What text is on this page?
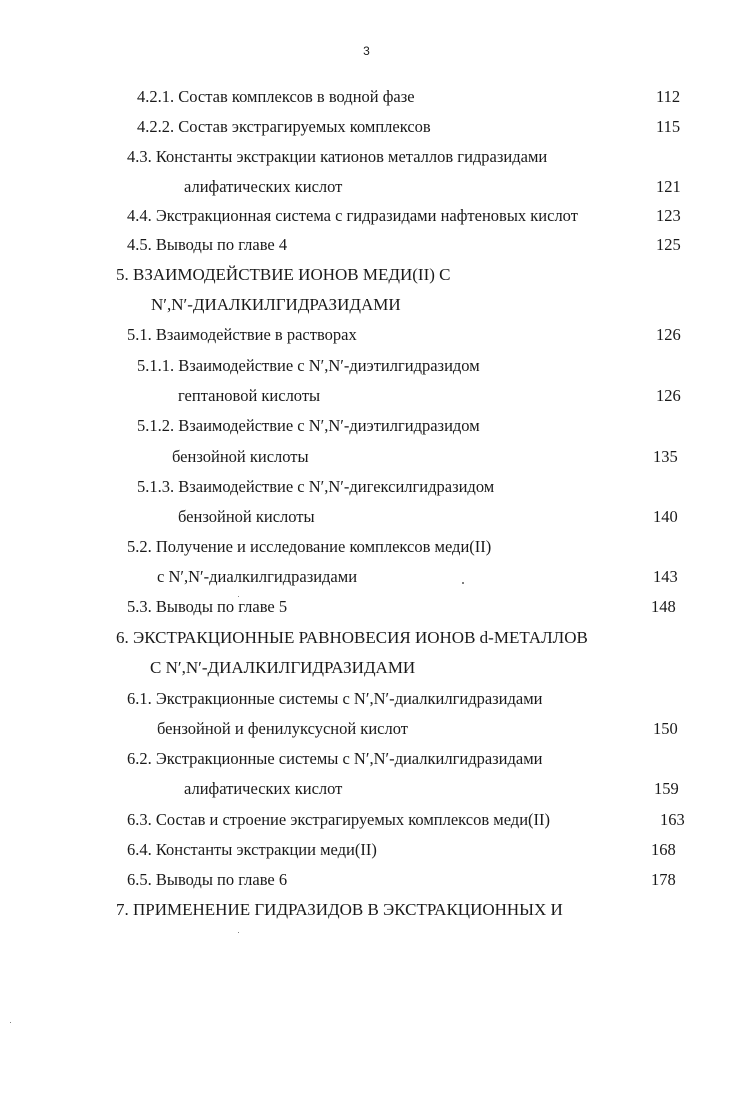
3
4.2.1. Состав комплексов в водной фазе	112
4.2.2. Состав экстрагируемых комплексов	115
4.3. Константы экстракции катионов металлов гидразидами
алифатических кислот	121
4.4. Экстракционная система с гидразидами нафтеновых кислот	123
4.5. Выводы по главе 4	125
5. ВЗАИМОДЕЙСТВИЕ ИОНОВ МЕДИ(II) С
N′,N′-ДИАЛКИЛГИДРАЗИДАМИ
5.1. Взаимодействие в растворах	126
5.1.1. Взаимодействие с N′,N′-диэтилгидразидом
гептановой кислоты	126
5.1.2. Взаимодействие с N′,N′-диэтилгидразидом
бензойной кислоты	135
5.1.3. Взаимодействие с N′,N′-дигексилгидразидом
бензойной кислоты	140
5.2. Получение и исследование комплексов меди(II)
с N′,N′-диалкилгидразидами	143
5.3. Выводы по главе 5	148
6. ЭКСТРАКЦИОННЫЕ РАВНОВЕСИЯ ИОНОВ d-МЕТАЛЛОВ
С N′,N′-ДИАЛКИЛГИДРАЗИДАМИ
6.1. Экстракционные системы с N′,N′-диалкилгидразидами
бензойной и фенилуксусной кислот	150
6.2. Экстракционные системы с N′,N′-диалкилгидразидами
алифатических кислот	159
6.3. Состав и строение экстрагируемых комплексов меди(II)	163
6.4. Константы экстракции меди(II)	168
6.5. Выводы по главе 6	178
7. ПРИМЕНЕНИЕ ГИДРАЗИДОВ В ЭКСТРАКЦИОННЫХ И
